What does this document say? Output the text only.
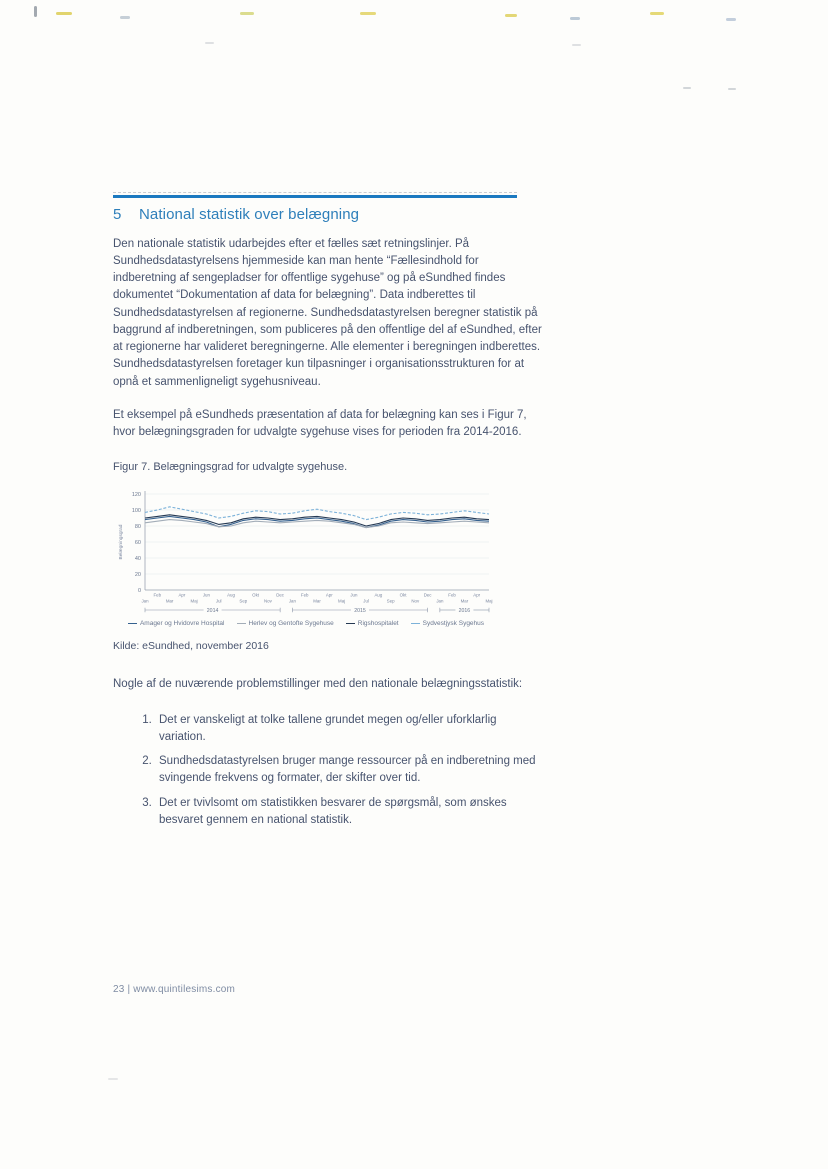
5 National statistik over belægning

Den nationale statistik udarbejdes efter et fælles sæt retningslinjer. På Sundhedsdatastyrelsens hjemmeside kan man hente “Fællesindhold for indberetning af sengepladser for offentlige sygehuse” og på eSundhed findes dokumentet “Dokumentation af data for belægning”. Data indberettes til Sundhedsdatastyrelsen af regionerne. Sundhedsdatastyrelsen beregner statistik på baggrund af indberetningen, som publiceres på den offentlige del af eSundhed, efter at regionerne har valideret beregningerne. Alle elementer i beregningen indberettes. Sundhedsdatastyrelsen foretager kun tilpasninger i organisationsstrukturen for at opnå et sammenligneligt sygehusniveau.

Et eksempel på eSundheds præsentation af data for belægning kan ses i Figur 7, hvor belægningsgraden for udvalgte sygehuse vises for perioden fra 2014-2016.

Figur 7. Belægningsgrad for udvalgte sygehuse.

0
20
40
60
80
100
120
Jan
Feb
Mar
Apr
Maj
Jun
Jul
Aug
Sep
Okt
Nov
Dec
Jan
Feb
Mar
Apr
Maj
Jun
Jul
Aug
Sep
Okt
Nov
Dec
Jan
Feb
Mar
Apr
Maj
2014	2015	2016
Belægningsgrad
Amager og Hvidovre Hospital	Herlev og Gentofte Sygehuse	Rigshospitalet	Sydvestjysk Sygehus

Kilde: eSundhed, november 2016

Nogle af de nuværende problemstillinger med den nationale belægningsstatistik:

1. Det er vanskeligt at tolke tallene grundet megen og/eller uforklarlig variation.
2. Sundhedsdatastyrelsen bruger mange ressourcer på en indberetning med svingende frekvens og formater, der skifter over tid.
3. Det er tvivlsomt om statistikken besvarer de spørgsmål, som ønskes besvaret gennem en national statistik.
23 | www.quintilesims.com
